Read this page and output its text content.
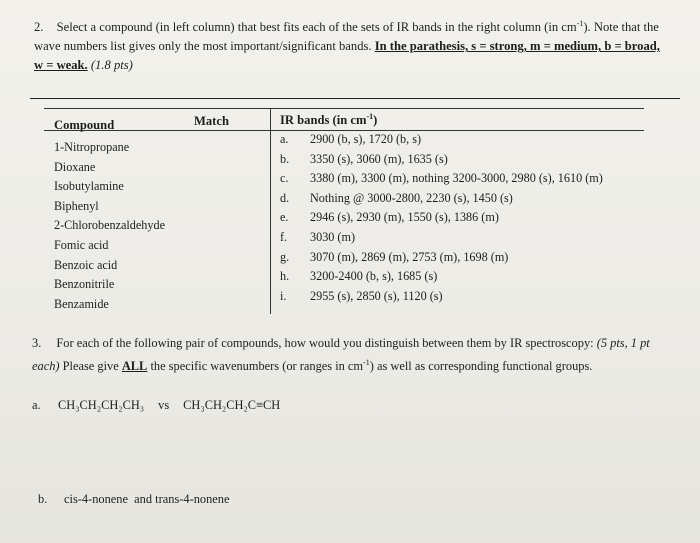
2. Select a compound (in left column) that best fits each of the sets of IR bands in the right column (in $cm^{-1}$). Note that the wave numbers list gives only the most important/significant bands. In the parathesis, s = strong, m = medium, b = broad, w = weak. (1.8 pts)
Compound	Match	IR bands (in $cm^{-1}$)
1-Nitropropane
Dioxane
Isobutylamine
Biphenyl
2-Chlorobenzaldehyde
Fomic acid
Benzoic acid
Benzonitrile
Benzamide
a. 2900 (b, s), 1720 (b, s)
b. 3350 (s), 3060 (m), 1635 (s)
c. 3380 (m), 3300 (m), nothing 3200-3000, 2980 (s), 1610 (m)
d. Nothing @ 3000-2800, 2230 (s), 1450 (s)
e. 2946 (s), 2930 (m), 1550 (s), 1386 (m)
f. 3030 (m)
g. 3070 (m), 2869 (m), 2753 (m), 1698 (m)
h. 3200-2400 (b, s), 1685 (s)
i. 2955 (s), 2850 (s), 1120 (s)
3. For each of the following pair of compounds, how would you distinguish between them by IR spectroscopy: (5 pts, 1 pt each) Please give ALL the specific wavenumbers (or ranges in $cm^{-1}$) as well as corresponding functional groups.
a. CH₃CH₂CH₂CH₃ vs CH₃CH₂CH₂C≡CH
b. cis-4-nonene  and trans-4-nonene
